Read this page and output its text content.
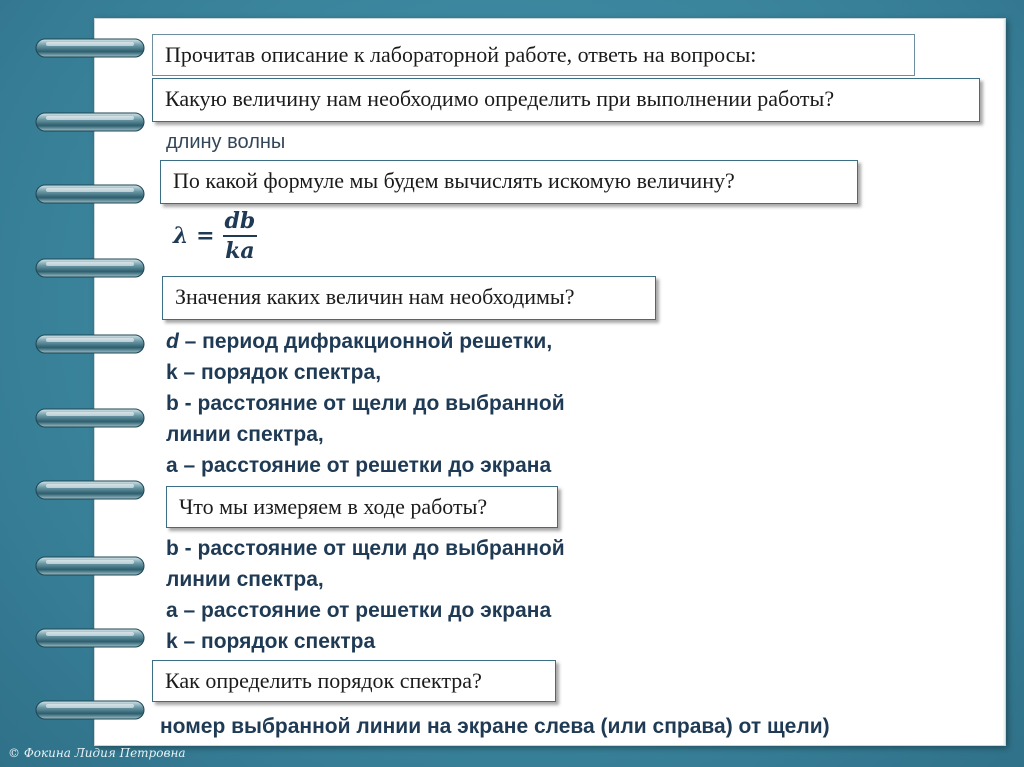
Прочитав описание к лабораторной работе, ответь на вопросы:
Какую величину нам необходимо определить при выполнении работы?
длину волны
По какой формуле мы будем вычислять искомую величину?
$\lambda = \frac{db}{ka}$
Значения каких величин нам необходимы?
d – период дифракционной решетки,
k – порядок спектра,
b - расстояние от щели до выбранной
линии спектра,
a – расстояние от решетки до экрана
Что мы измеряем в ходе работы?
b - расстояние от щели до выбранной
линии спектра,
a – расстояние от решетки до экрана
k – порядок спектра
Как определить порядок спектра?
номер выбранной линии на экране слева (или справа) от щели)
© Фокина Лидия Петровна
